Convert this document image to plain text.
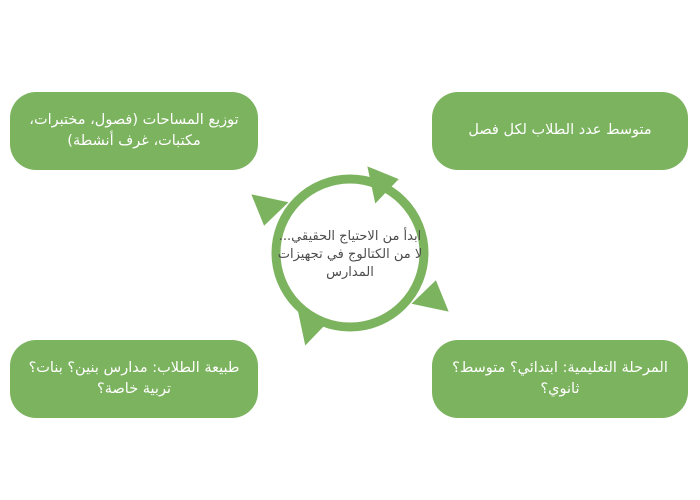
توزيع المساحات (فصول، مختبرات، مكتبات، غرف أنشطة)
متوسط عدد الطلاب لكل فصل
طبيعة الطلاب: مدارس بنين؟ بنات؟ تربية خاصة؟
المرحلة التعليمية: ابتدائي؟ متوسط؟ ثانوي؟
ابدأ من الاحتياج الحقيقي... لا من الكتالوج في تجهيزات المدارس
